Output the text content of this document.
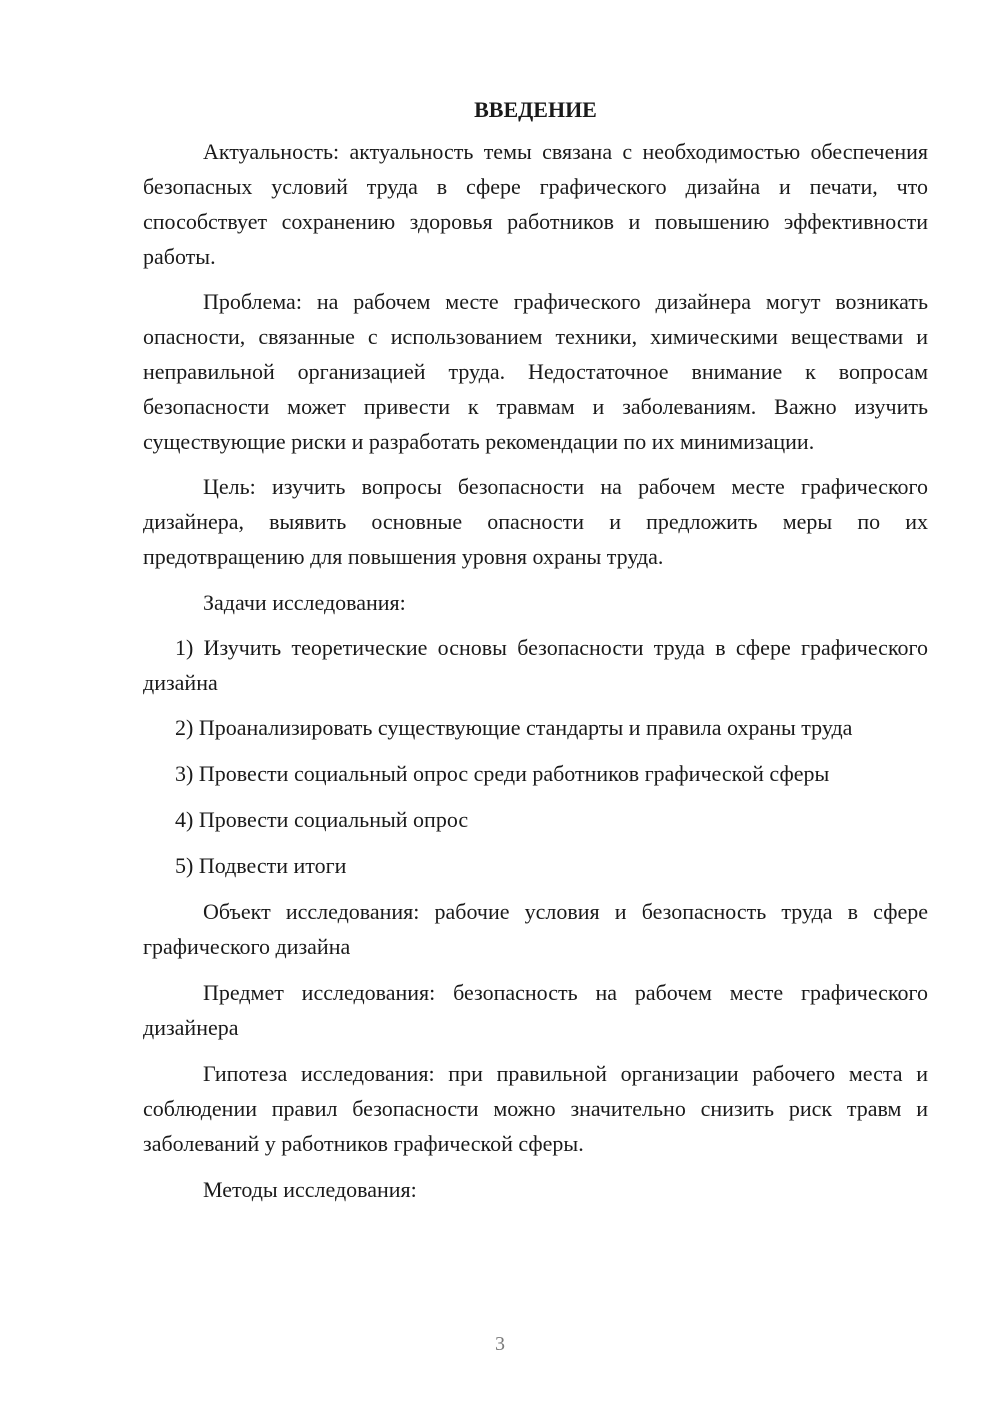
ВВЕДЕНИЕ

Актуальность: актуальность темы связана с необходимостью обеспечения безопасных условий труда в сфере графического дизайна и печати, что способствует сохранению здоровья работников и повышению эффективности работы.

Проблема: на рабочем месте графического дизайнера могут возникать опасности, связанные с использованием техники, химическими веществами и неправильной организацией труда. Недостаточное внимание к вопросам безопасности может привести к травмам и заболеваниям. Важно изучить существующие риски и разработать рекомендации по их минимизации.

Цель: изучить вопросы безопасности на рабочем месте графического дизайнера, выявить основные опасности и предложить меры по их предотвращению для повышения уровня охраны труда.

Задачи исследования:

1) Изучить теоретические основы безопасности труда в сфере графического дизайна

2) Проанализировать существующие стандарты и правила охраны труда

3) Провести социальный опрос среди работников графической сферы

4) Провести социальный опрос

5) Подвести итоги

Объект исследования: рабочие условия и безопасность труда в сфере графического дизайна

Предмет исследования: безопасность на рабочем месте графического дизайнера

Гипотеза исследования: при правильной организации рабочего места и соблюдении правил безопасности можно значительно снизить риск травм и заболеваний у работников графической сферы.

Методы исследования:

3
